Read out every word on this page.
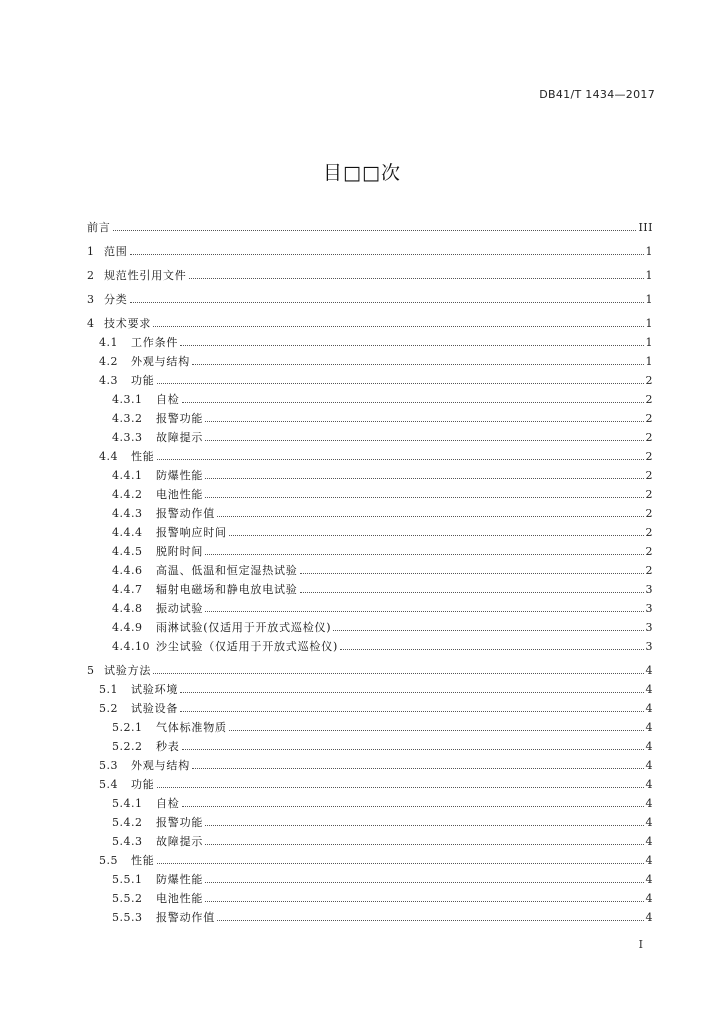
DB41/T 1434—2017
目□□次
前言	III
1 范围	1
2 规范性引用文件	1
3 分类	1
4 技术要求	1
4.1	工作条件	1
4.2	外观与结构	1
4.3	功能	2
4.3.1	自检	2
4.3.2	报警功能	2
4.3.3	故障提示	2
4.4	性能	2
4.4.1	防爆性能	2
4.4.2	电池性能	2
4.4.3	报警动作值	2
4.4.4	报警响应时间	2
4.4.5	脱附时间	2
4.4.6	高温、低温和恒定湿热试验	2
4.4.7	辐射电磁场和静电放电试验	3
4.4.8	振动试验	3
4.4.9	雨淋试验(仅适用于开放式巡检仪)	3
4.4.10 沙尘试验（仅适用于开放式巡检仪)	3
5 试验方法	4
5.1	试验环境	4
5.2	试验设备	4
5.2.1	气体标准物质	4
5.2.2	秒表	4
5.3	外观与结构	4
5.4	功能	4
5.4.1	自检	4
5.4.2	报警功能	4
5.4.3	故障提示	4
5.5	性能	4
5.5.1	防爆性能	4
5.5.2	电池性能	4
5.5.3	报警动作值	4
I
